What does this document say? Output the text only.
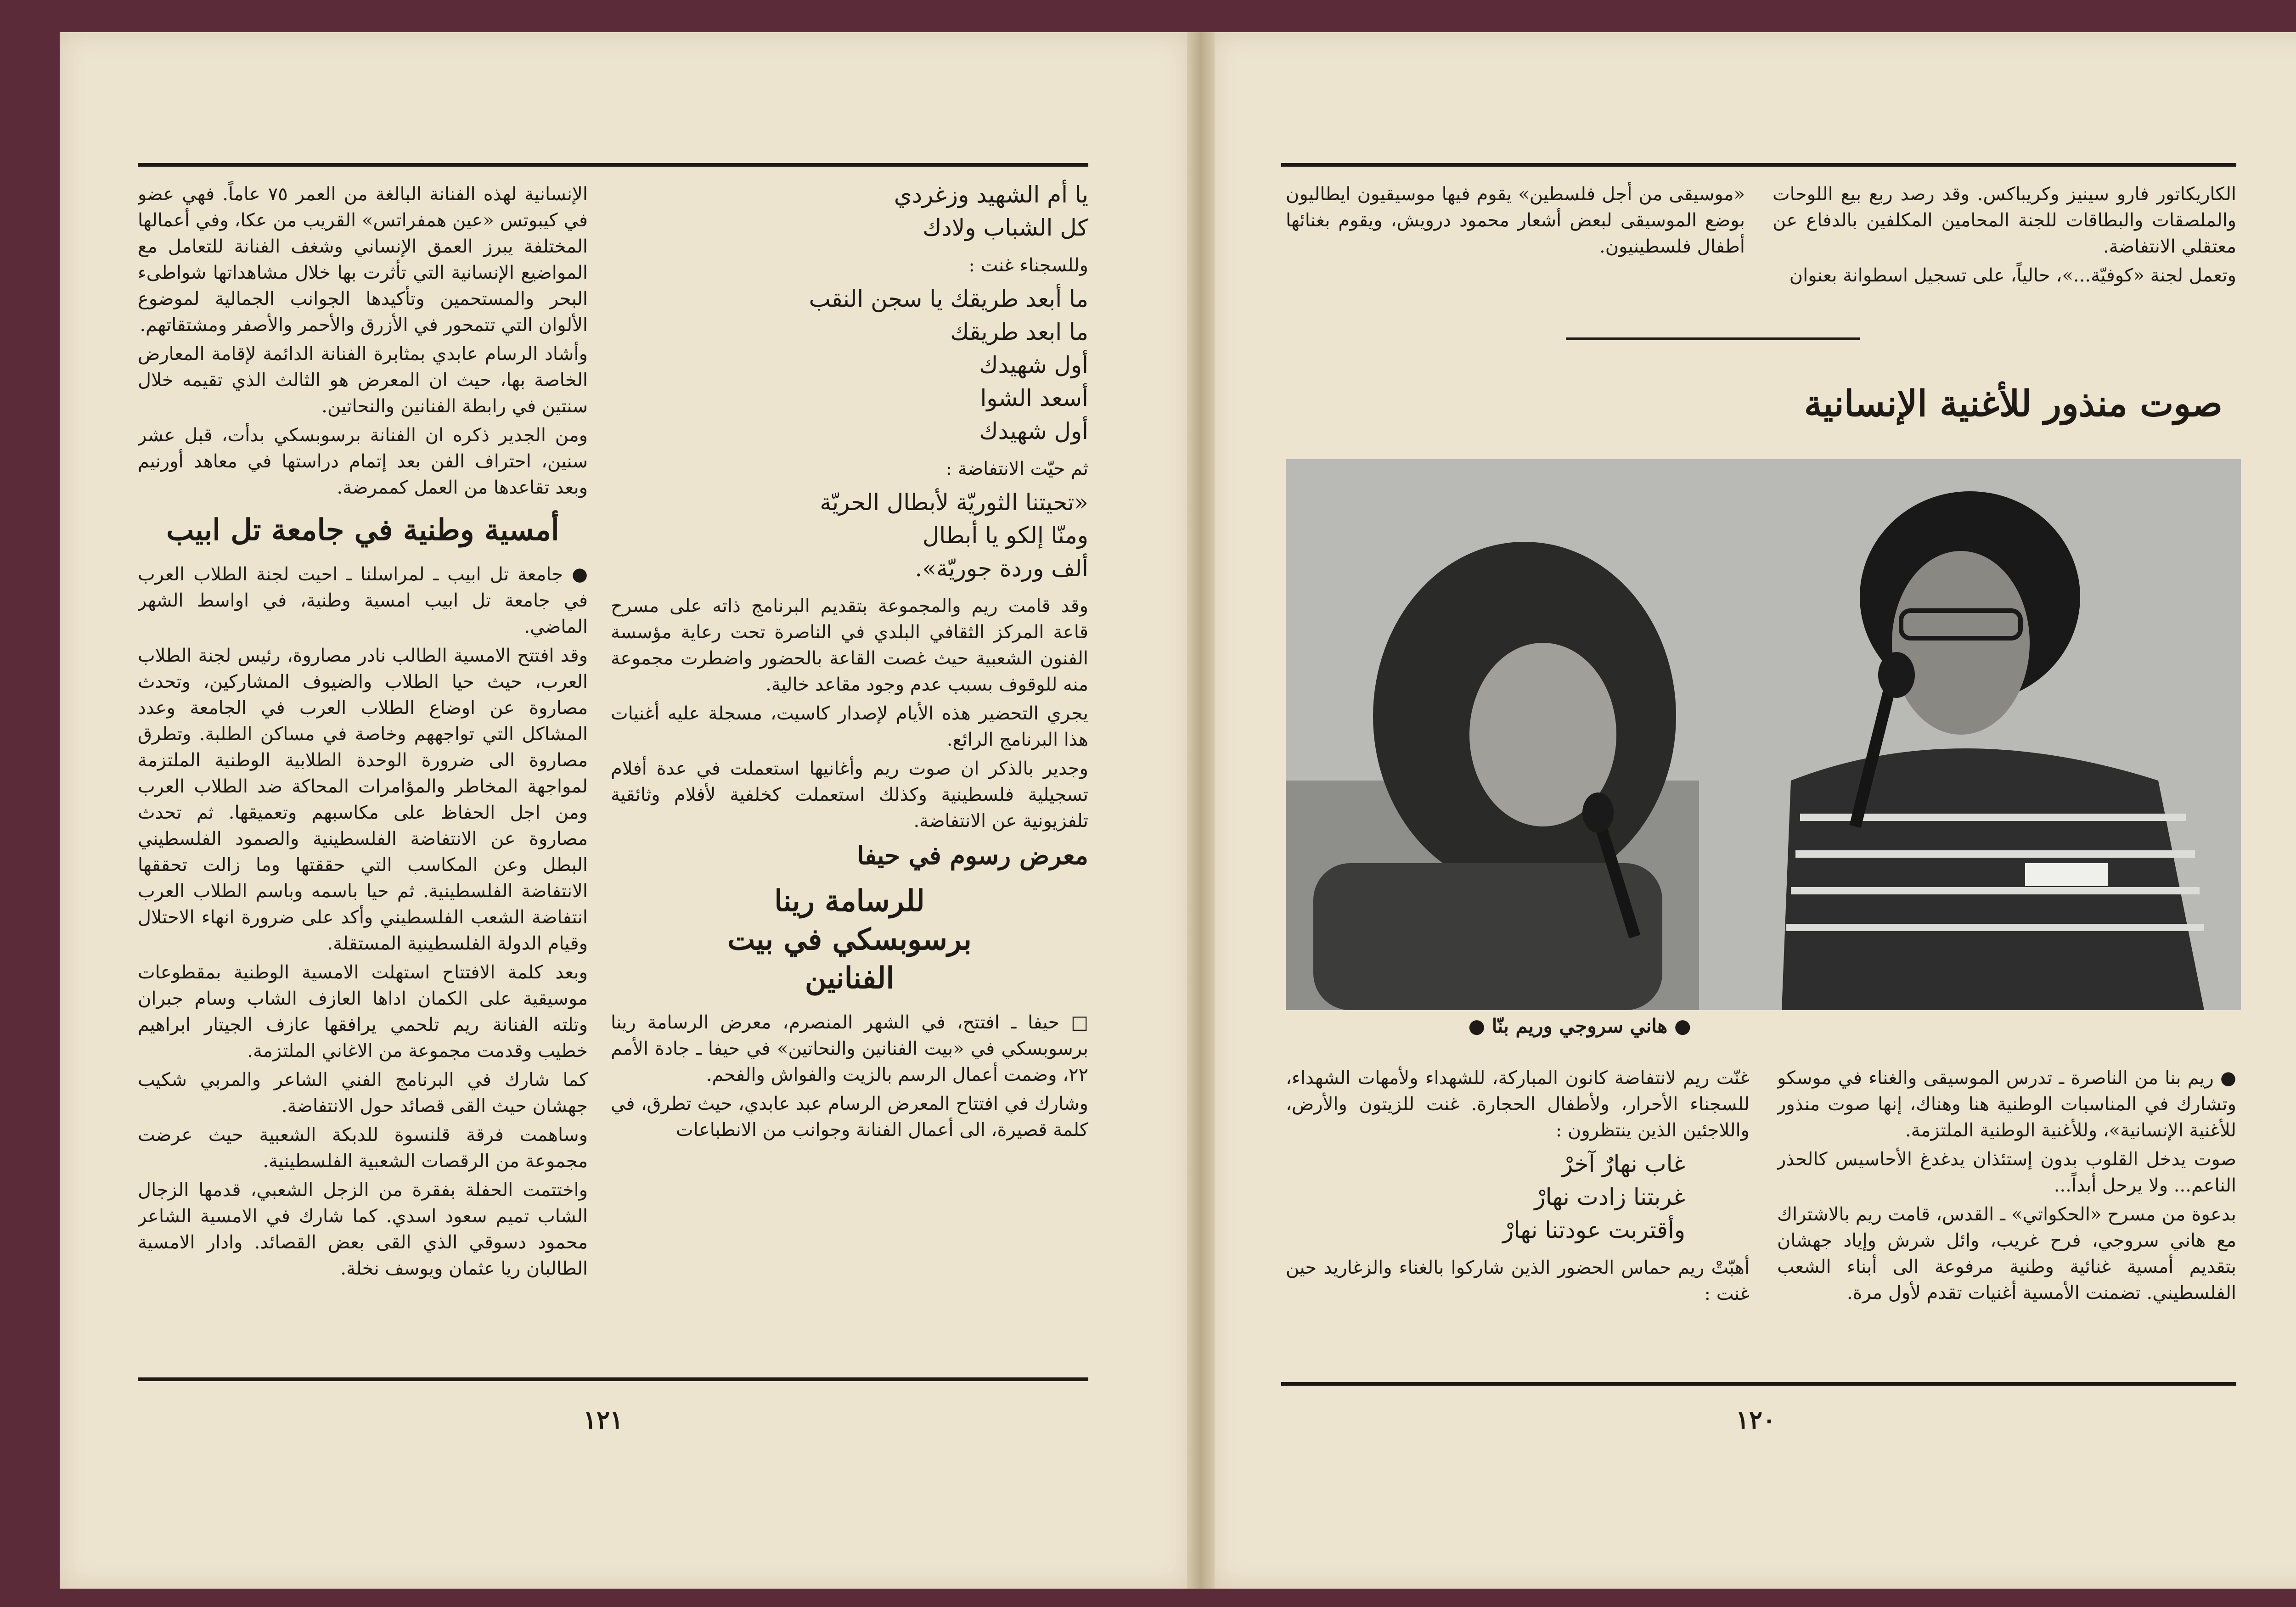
يا أم الشهيد وزغردي
كل الشباب ولادك

وللسجناء غنت :

ما أبعد طريقك يا سجن النقب
ما ابعد طريقك
أول شهيدك
أسعد الشوا
أول شهيدك

ثم حيّت الانتفاضة :

«تحيتنا الثوريّة لأبطال الحريّة
ومنّا إلكو يا أبطال
ألف وردة جوريّة».

وقد قامت ريم والمجموعة بتقديم البرنامج ذاته على مسرح قاعة المركز الثقافي البلدي في الناصرة تحت رعاية مؤسسة الفنون الشعبية حيث غصت القاعة بالحضور واضطرت مجموعة منه للوقوف بسبب عدم وجود مقاعد خالية.

يجري التحضير هذه الأيام لإصدار كاسيت، مسجلة عليه أغنيات هذا البرنامج الرائع.

وجدير بالذكر ان صوت ريم وأغانيها استعملت في عدة أفلام تسجيلية فلسطينية وكذلك استعملت كخلفية لأفلام وثائقية تلفزيونية عن الانتفاضة.

معرض رسوم في حيفا
للرسامة رينا برسوبسكي في بيت الفنانين

□ حيفا ـ افتتح، في الشهر المنصرم، معرض الرسامة رينا برسوبسكي في «بيت الفنانين والنحاتين» في حيفا ـ جادة الأمم ٢٢، وضمت أعمال الرسم بالزيت والفواش والفحم.

وشارك في افتتاح المعرض الرسام عبد عابدي، حيث تطرق، في كلمة قصيرة، الى أعمال الفنانة وجوانب من الانطباعات

الإنسانية لهذه الفنانة البالغة من العمر ٧٥ عاماً. فهي عضو في كيبوتس «عين همفراتس» القريب من عكا، وفي أعمالها المختلفة يبرز العمق الإنساني وشغف الفنانة للتعامل مع المواضيع الإنسانية التي تأثرت بها خلال مشاهداتها شواطىء البحر والمستحمين وتأكيدها الجوانب الجمالية لموضوع الألوان التي تتمحور في الأزرق والأحمر والأصفر ومشتقاتهم.

وأشاد الرسام عابدي بمثابرة الفنانة الدائمة لإقامة المعارض الخاصة بها، حيث ان المعرض هو الثالث الذي تقيمه خلال سنتين في رابطة الفنانين والنحاتين.

ومن الجدير ذكره ان الفنانة برسوبسكي بدأت، قبل عشر سنين، احتراف الفن بعد إتمام دراستها في معاهد أورنيم وبعد تقاعدها من العمل كممرضة.

أمسية وطنية في جامعة تل ابيب

● جامعة تل ابيب ـ لمراسلنا ـ احيت لجنة الطلاب العرب في جامعة تل ابيب امسية وطنية، في اواسط الشهر الماضي.

وقد افتتح الامسية الطالب نادر مصاروة، رئيس لجنة الطلاب العرب، حيث حيا الطلاب والضيوف المشاركين، وتحدث مصاروة عن اوضاع الطلاب العرب في الجامعة وعدد المشاكل التي تواجههم وخاصة في مساكن الطلبة. وتطرق مصاروة الى ضرورة الوحدة الطلابية الوطنية الملتزمة لمواجهة المخاطر والمؤامرات المحاكة ضد الطلاب العرب ومن اجل الحفاظ على مكاسبهم وتعميقها. ثم تحدث مصاروة عن الانتفاضة الفلسطينية والصمود الفلسطيني البطل وعن المكاسب التي حققتها وما زالت تحققها الانتفاضة الفلسطينية. ثم حيا باسمه وباسم الطلاب العرب انتفاضة الشعب الفلسطيني وأكد على ضرورة انهاء الاحتلال وقيام الدولة الفلسطينية المستقلة.

وبعد كلمة الافتتاح استهلت الامسية الوطنية بمقطوعات موسيقية على الكمان اداها العازف الشاب وسام جبران وتلته الفنانة ريم تلحمي يرافقها عازف الجيتار ابراهيم خطيب وقدمت مجموعة من الاغاني الملتزمة.

كما شارك في البرنامج الفني الشاعر والمربي شكيب جهشان حيث القى قصائد حول الانتفاضة.

وساهمت فرقة قلنسوة للدبكة الشعبية حيث عرضت مجموعة من الرقصات الشعبية الفلسطينية.

واختتمت الحفلة بفقرة من الزجل الشعبي، قدمها الزجال الشاب تميم سعود اسدي. كما شارك في الامسية الشاعر محمود دسوقي الذي القى بعض القصائد. وادار الامسية الطالبان ريا عثمان ويوسف نخلة.

١٢١

الكاريكاتور فارو سينيز وكريباكس. وقد رصد ربع بيع اللوحات والملصقات والبطاقات للجنة المحامين المكلفين بالدفاع عن معتقلي الانتفاضة.

وتعمل لجنة «كوفيّة...»، حالياً، على تسجيل اسطوانة بعنوان

«موسيقى من أجل فلسطين» يقوم فيها موسيقيون ايطاليون بوضع الموسيقى لبعض أشعار محمود درويش، ويقوم بغنائها أطفال فلسطينيون.

صوت منذور للأغنية الإنسانية
● هاني سروجي وريم بنّا ●

● ريم بنا من الناصرة ـ تدرس الموسيقى والغناء في موسكو وتشارك في المناسبات الوطنية هنا وهناك، إنها صوت منذور للأغنية الإنسانية»، وللأغنية الوطنية الملتزمة.

صوت يدخل القلوب بدون إستئذان يدغدغ الأحاسيس كالحذر الناعم... ولا يرحل أبداً...

بدعوة من مسرح «الحكواتي» ـ القدس، قامت ريم بالاشتراك مع هاني سروجي، فرح غريب، وائل شرش وإياد جهشان بتقديم أمسية غنائية وطنية مرفوعة الى أبناء الشعب الفلسطيني. تضمنت الأمسية أغنيات تقدم لأول مرة.

غنّت ريم لانتفاضة كانون المباركة، للشهداء ولأمهات الشهداء، للسجناء الأحرار، ولأطفال الحجارة. غنت للزيتون والأرض، واللاجئين الذين ينتظرون :

غاب نهارٌ آخرْ
غربتنا زادت نهارْ
وأقتربت عودتنا نهارْ

أهبّتْ ريم حماس الحضور الذين شاركوا بالغناء والزغاريد حين غنت :

١٢٠
